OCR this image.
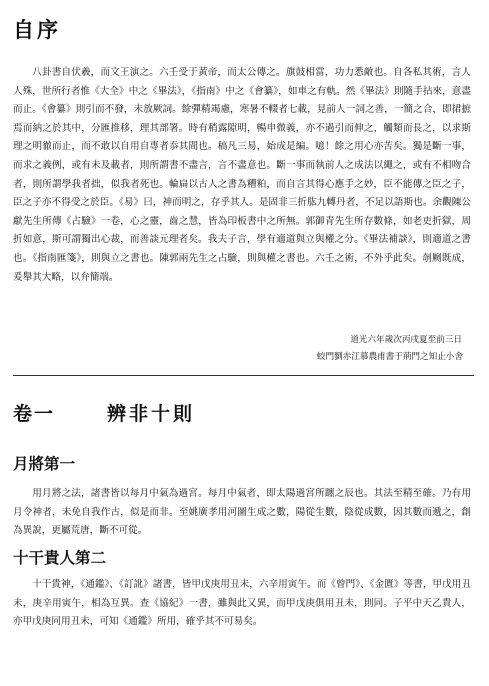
自序

八卦書自伏羲，而文王演之。六壬受于黃帝，而太公傳之。旗鼓相當，功力悉敵也。自各私其術，言人人殊，世所行者惟《大全》中之《畢法》，《指南》中之《會纂》，如車之有軌。然《畢法》則隨手拈來，意盡而止。《會纂》則引而不發，未放厥詞。餘彈精竭慮，寒暑不輟者七載，見前人一詞之善，一簡之合，即捃摭焉而納之於其中，分匯推移，理其部署。時有稍露隙明，暢申微義，亦不過引而伸之，觸類而長之，以求斯理之明徹而止，而不敢以自用自專者忝其間也。稿凡三易，始成是編。噫！餘之用心亦苦矣。獨是斷一事，而求之義例，或有未及載者，則所謂書不盡言，言不盡意也。斷一事而執前人之成法以繩之，或有不相吻合者，則所謂學我者拙，似我者死也。輪扁以古人之書為糟粕，而自言其得心應手之妙，臣不能傳之臣之子，臣之子亦不得受之於臣。《易》曰，神而明之，存乎其人。是固非三折肱九轉丹者，不足以語斯也。余觀陳公獻先生所傳《占驗》一卷，心之靈，齒之慧，皆為印板書中之所無。郭御青先生所存數條，如老吏折獄，周折如意，斯可謂獨出心裁，而善談元理者矣。我夫子言，學有適道與立與權之分。《畢法補談》，則適道之書也。《指南匯箋》，則與立之書也。陳郭兩先生之占驗，則與權之書也。六壬之術，不外乎此矣。剞劂既成，爰舉其大略，以弁簡端。

道光六年歲次丙戌夏至前三日

蛟門劉赤江慕農甫書于荊門之知止小舍

卷一	辨非十則
月將第一

用月將之法，諸書皆以每月中氣為過宮。每月中氣者，即太陽過宮所躔之辰也。其法至精至確。乃有用月令神者，未免自我作古，似是而非。至姚廣孝用河圖生成之數，陽從生數，陰從成數，因其數而遞之，創為異說，更屬荒唐，斷不可從。

十干貴人第二

十干貴神，《通鑑》、《訂訛》諸書，皆甲戊庚用丑未，六辛用寅午。而《曾門》、《金匱》等書，甲戊用丑未，庚辛用寅午，相為互異。查《協紀》一書，雖與此又異，而甲戊庚俱用丑未，則同。子平中天乙貴人，亦甲戊庚同用丑未，可知《通鑑》所用，確乎其不可易矣。
